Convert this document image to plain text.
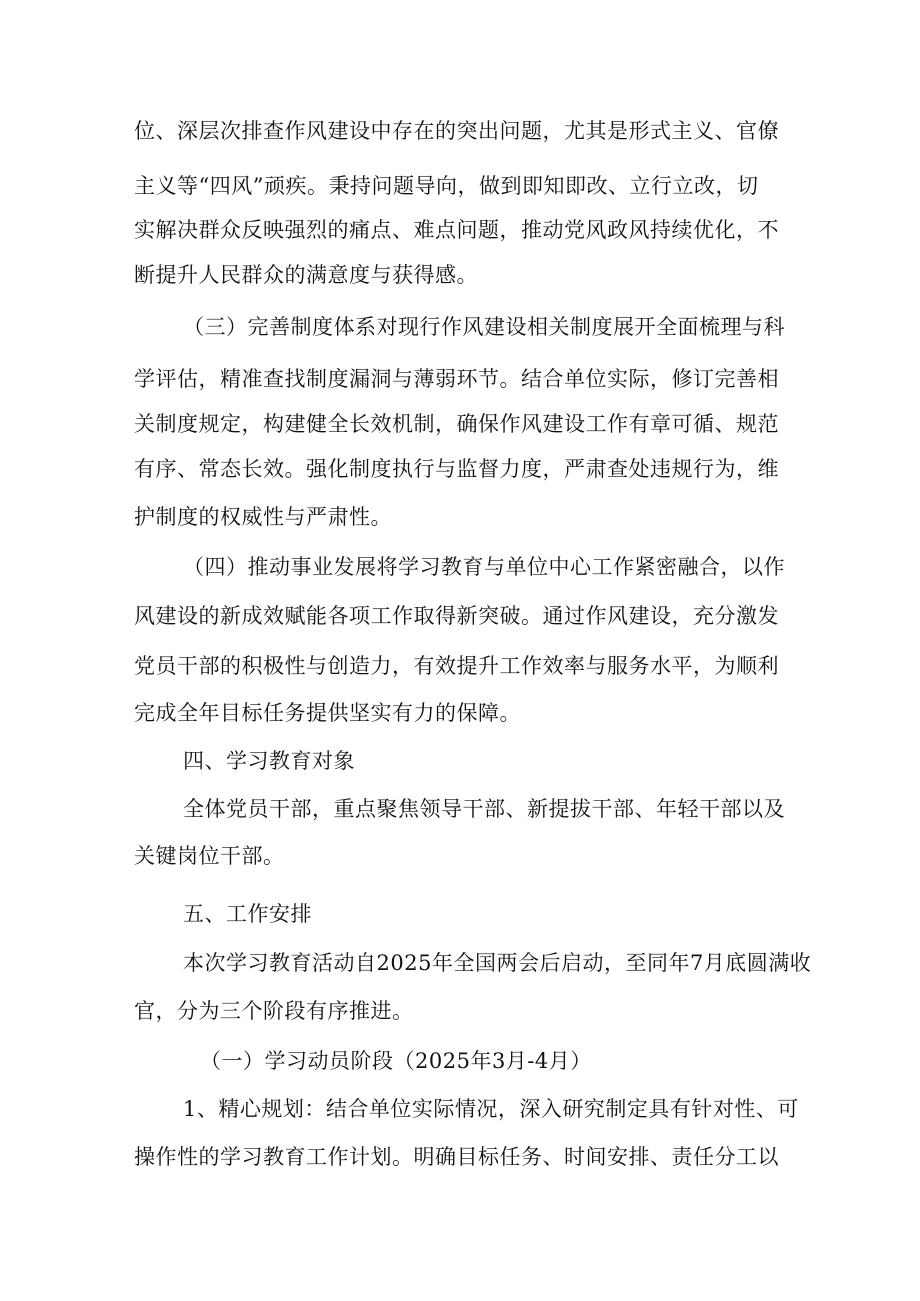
位、深层次排查作风建设中存在的突出问题，尤其是形式主义、官僚

主义等“四风”顽疾。秉持问题导向，做到即知即改、立行立改，切

实解决群众反映强烈的痛点、难点问题，推动党风政风持续优化，不

断提升人民群众的满意度与获得感。

（三）完善制度体系对现行作风建设相关制度展开全面梳理与科

学评估，精准查找制度漏洞与薄弱环节。结合单位实际，修订完善相

关制度规定，构建健全长效机制，确保作风建设工作有章可循、规范

有序、常态长效。强化制度执行与监督力度，严肃查处违规行为，维

护制度的权威性与严肃性。

（四）推动事业发展将学习教育与单位中心工作紧密融合，以作

风建设的新成效赋能各项工作取得新突破。通过作风建设，充分激发

党员干部的积极性与创造力，有效提升工作效率与服务水平，为顺利

完成全年目标任务提供坚实有力的保障。

四、学习教育对象

全体党员干部，重点聚焦领导干部、新提拔干部、年轻干部以及

关键岗位干部。

五、工作安排

本次学习教育活动自2025年全国两会后启动，至同年7月底圆满收

官，分为三个阶段有序推进。

（一）学习动员阶段（2025年3月-4月）

1、精心规划：结合单位实际情况，深入研究制定具有针对性、可

操作性的学习教育工作计划。明确目标任务、时间安排、责任分工以
